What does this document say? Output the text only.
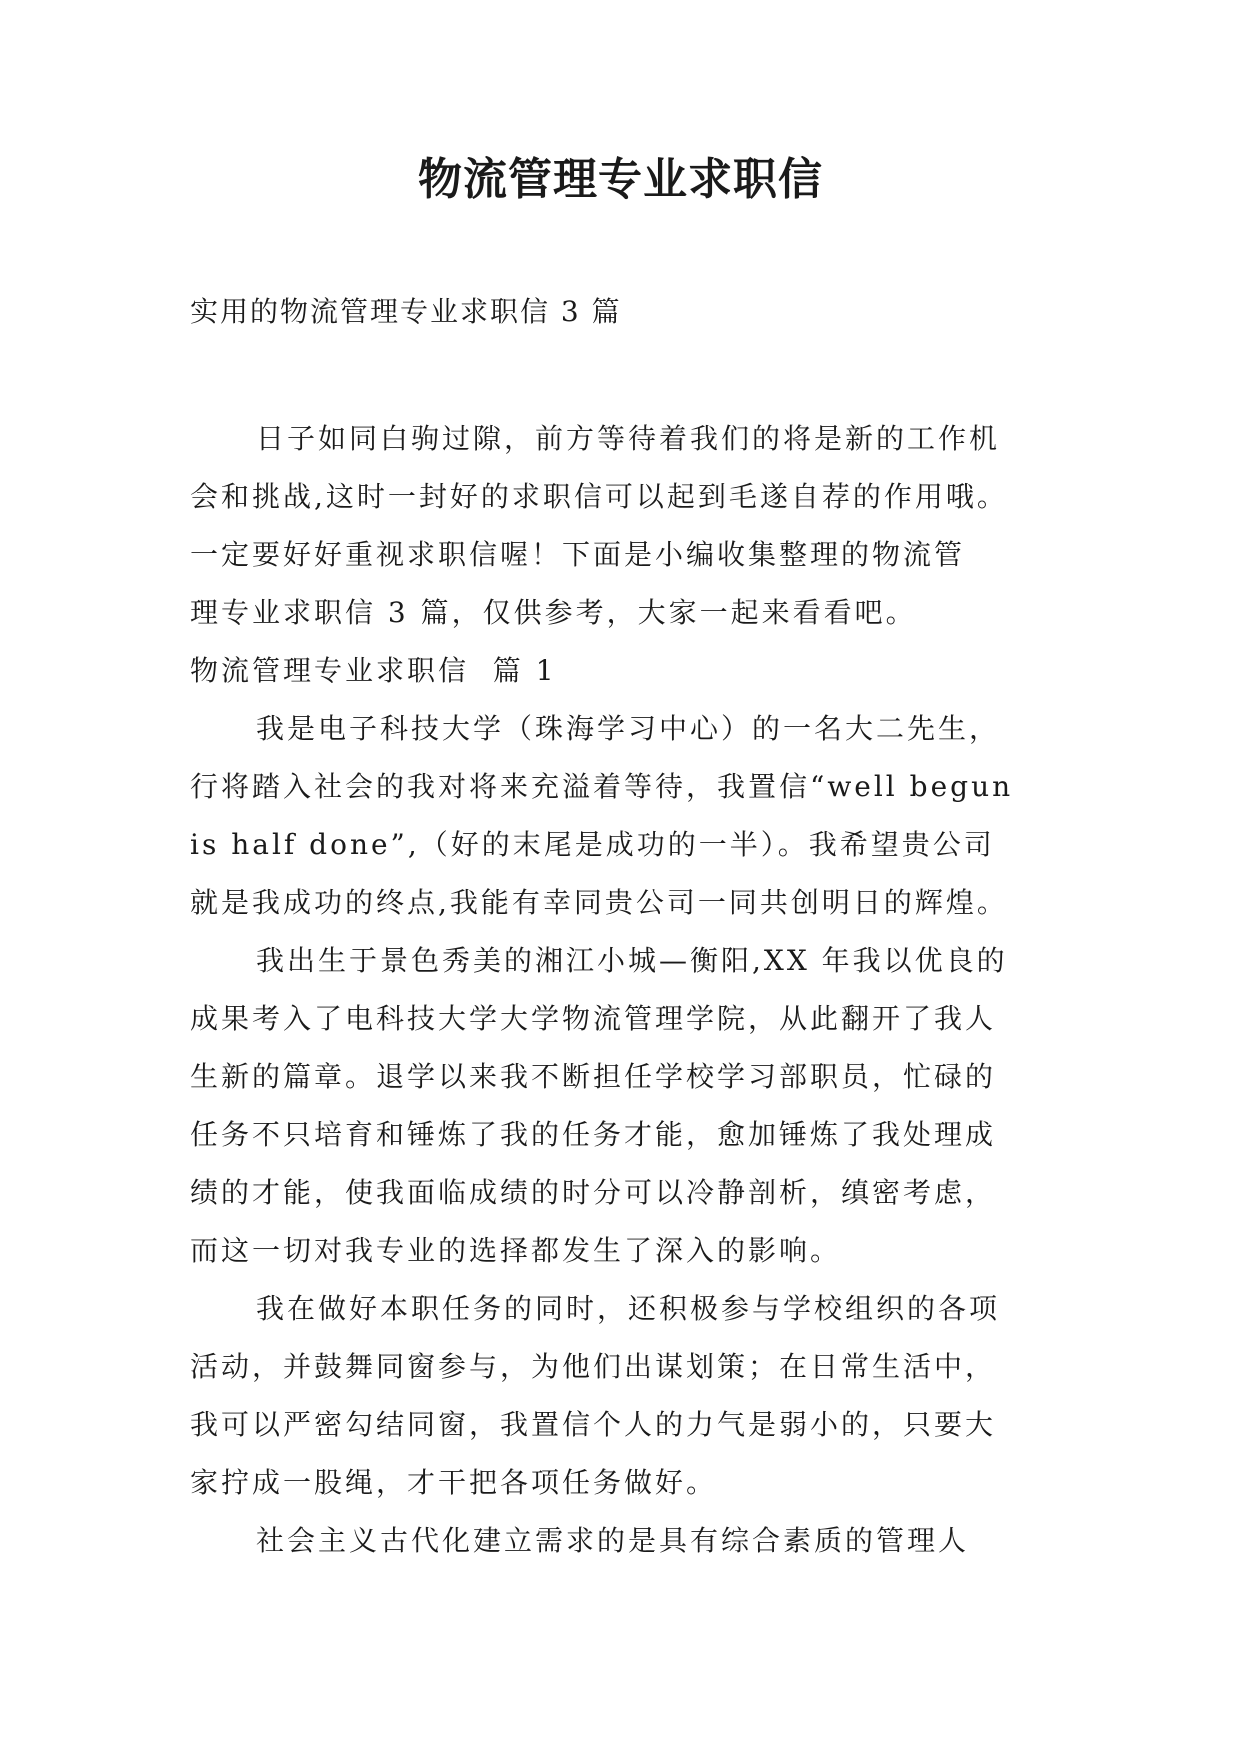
物流管理专业求职信
实用的物流管理专业求职信 3 篇

日子如同白驹过隙，前方等待着我们的将是新的工作机
会和挑战,这时一封好的求职信可以起到毛遂自荐的作用哦。
一定要好好重视求职信喔！下面是小编收集整理的物流管
理专业求职信 3 篇，仅供参考，大家一起来看看吧。

物流管理专业求职信  篇 1

我是电子科技大学（珠海学习中心）的一名大二先生，
行将踏入社会的我对将来充溢着等待，我置信“well begun
is half done”,（好的末尾是成功的一半）。我希望贵公司
就是我成功的终点,我能有幸同贵公司一同共创明日的辉煌。

我出生于景色秀美的湘江小城—衡阳,XX 年我以优良的
成果考入了电科技大学大学物流管理学院，从此翻开了我人
生新的篇章。退学以来我不断担任学校学习部职员，忙碌的
任务不只培育和锤炼了我的任务才能，愈加锤炼了我处理成
绩的才能，使我面临成绩的时分可以冷静剖析，缜密考虑，
而这一切对我专业的选择都发生了深入的影响。

我在做好本职任务的同时，还积极参与学校组织的各项
活动，并鼓舞同窗参与，为他们出谋划策；在日常生活中，
我可以严密勾结同窗，我置信个人的力气是弱小的，只要大
家拧成一股绳，才干把各项任务做好。

社会主义古代化建立需求的是具有综合素质的管理人
